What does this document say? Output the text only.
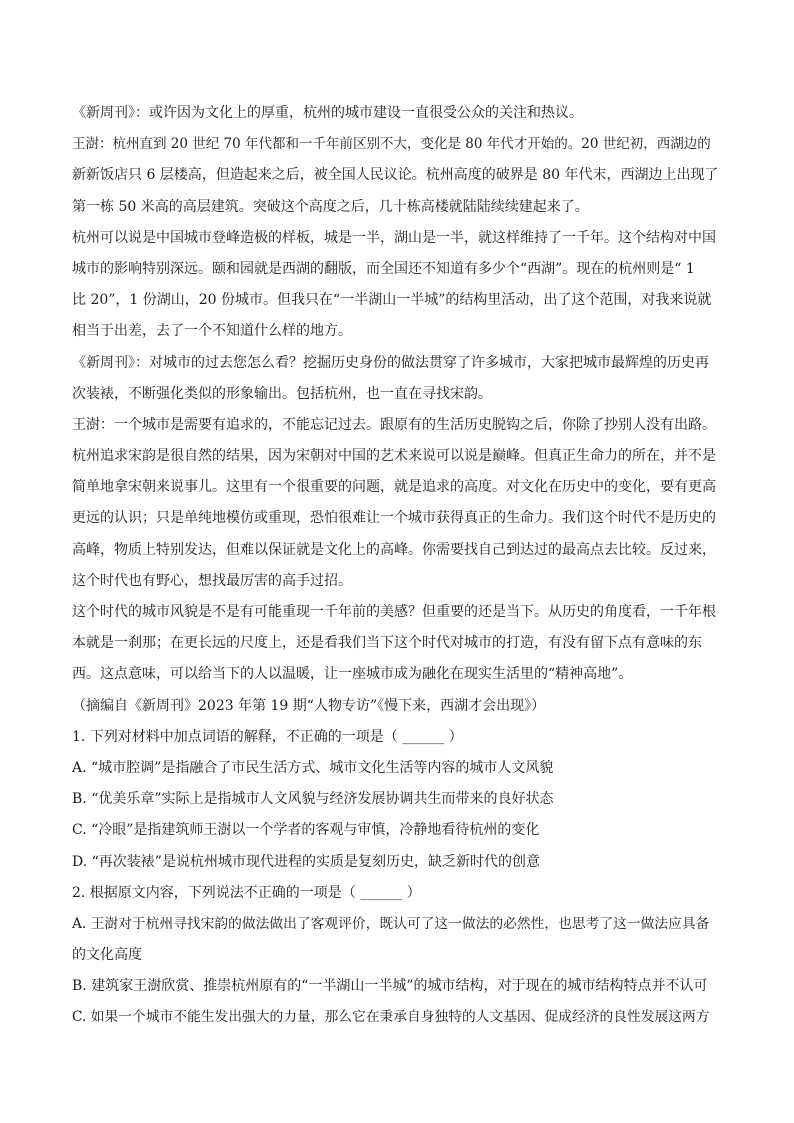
《新周刊》：或许因为文化上的厚重，杭州的城市建设一直很受公众的关注和热议。
王澍：杭州直到 20 世纪 70 年代都和一千年前区别不大，变化是 80 年代才开始的。20 世纪初，西湖边的
新新饭店只 6 层楼高，但造起来之后，被全国人民议论。杭州高度的破界是 80 年代末，西湖边上出现了
第一栋 50 米高的高层建筑。突破这个高度之后，几十栋高楼就陆陆续续建起来了。
杭州可以说是中国城市登峰造极的样板，城是一半，湖山是一半，就这样维持了一千年。这个结构对中国
城市的影响特别深远。颐和园就是西湖的翻版，而全国还不知道有多少个“西湖”。现在的杭州则是“ 1
比 20”，1 份湖山，20 份城市。但我只在“一半湖山一半城”的结构里活动，出了这个范围，对我来说就
相当于出差，去了一个不知道什么样的地方。
《新周刊》：对城市的过去您怎么看？挖掘历史身份的做法贯穿了许多城市，大家把城市最辉煌的历史再
次装裱，不断强化类似的形象输出。包括杭州，也一直在寻找宋韵。
王澍：一个城市是需要有追求的，不能忘记过去。跟原有的生活历史脱钩之后，你除了抄别人没有出路。
杭州追求宋韵是很自然的结果，因为宋朝对中国的艺术来说可以说是巅峰。但真正生命力的所在，并不是
简单地拿宋朝来说事儿。这里有一个很重要的问题，就是追求的高度。对文化在历史中的变化，要有更高
更远的认识；只是单纯地模仿或重现，恐怕很难让一个城市获得真正的生命力。我们这个时代不是历史的
高峰，物质上特别发达，但难以保证就是文化上的高峰。你需要找自己到达过的最高点去比较。反过来，
这个时代也有野心，想找最厉害的高手过招。
这个时代的城市风貌是不是有可能重现一千年前的美感？但重要的还是当下。从历史的角度看，一千年根
本就是一刹那；在更长远的尺度上，还是看我们当下这个时代对城市的打造，有没有留下点有意味的东
西。这点意味，可以给当下的人以温暖，让一座城市成为融化在现实生活里的“精神高地”。
（摘编自《新周刊》2023 年第 19 期“人物专访”《慢下来，西湖才会出现》）
1. 下列对材料中加点词语的解释，不正确的一项是（ ______ ）
A. “城市腔调”是指融合了市民生活方式、城市文化生活等内容的城市人文风貌
B. “优美乐章”实际上是指城市人文风貌与经济发展协调共生而带来的良好状态
C. “冷眼”是指建筑师王澍以一个学者的客观与审慎，冷静地看待杭州的变化
D. “再次装裱”是说杭州城市现代进程的实质是复刻历史，缺乏新时代的创意
2. 根据原文内容，下列说法不正确的一项是（ ______ ）
A. 王澍对于杭州寻找宋韵的做法做出了客观评价，既认可了这一做法的必然性，也思考了这一做法应具备
的文化高度
B. 建筑家王澍欣赏、推崇杭州原有的“一半湖山一半城”的城市结构，对于现在的城市结构特点并不认可
C. 如果一个城市不能生发出强大的力量，那么它在秉承自身独特的人文基因、促成经济的良性发展这两方
